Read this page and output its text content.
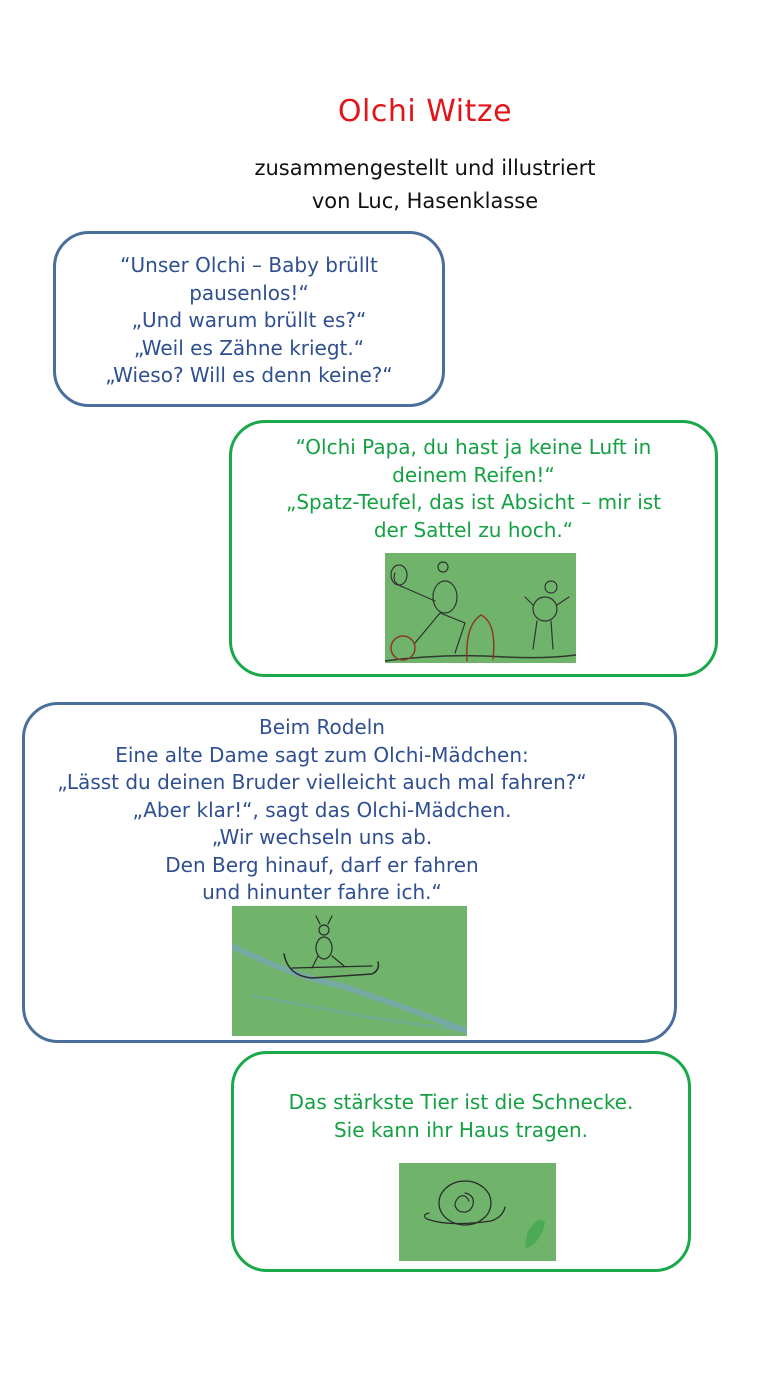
Olchi Witze
zusammengestellt und illustriert
von Luc, Hasenklasse
“Unser Olchi – Baby brüllt
pausenlos!“
„Und warum brüllt es?“
„Weil es Zähne kriegt.“
„Wieso? Will es denn keine?“
“Olchi Papa, du hast ja keine Luft in
deinem Reifen!“
„Spatz-Teufel, das ist Absicht – mir ist
der Sattel zu hoch.“
Beim Rodeln
Eine alte Dame sagt zum Olchi-Mädchen:
„Lässt du deinen Bruder vielleicht auch mal fahren?“
„Aber klar!“, sagt das Olchi-Mädchen.
„Wir wechseln uns ab.
Den Berg hinauf, darf er fahren
und hinunter fahre ich.“
Das stärkste Tier ist die Schnecke.
Sie kann ihr Haus tragen.
